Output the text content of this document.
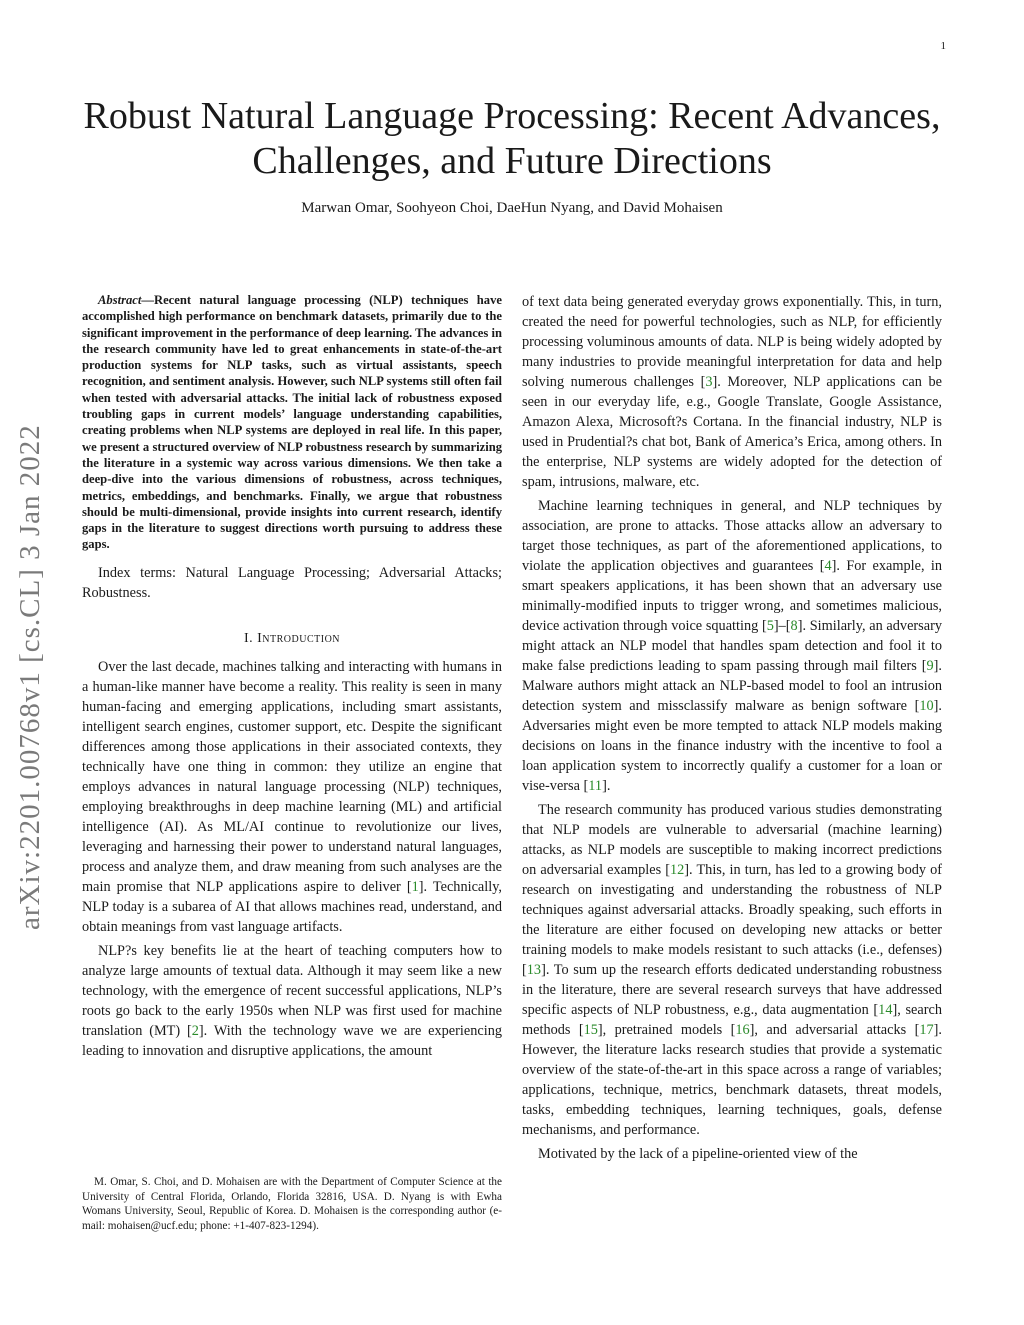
1
arXiv:2201.00768v1 [cs.CL] 3 Jan 2022
Robust Natural Language Processing: Recent Advances, Challenges, and Future Directions
Marwan Omar, Soohyeon Choi, DaeHun Nyang, and David Mohaisen

Abstract—Recent natural language processing (NLP) techniques have accomplished high performance on benchmark datasets, primarily due to the significant improvement in the performance of deep learning. The advances in the research community have led to great enhancements in state-of-the-art production systems for NLP tasks, such as virtual assistants, speech recognition, and sentiment analysis. However, such NLP systems still often fail when tested with adversarial attacks. The initial lack of robustness exposed troubling gaps in current models’ language understanding capabilities, creating problems when NLP systems are deployed in real life. In this paper, we present a structured overview of NLP robustness research by summarizing the literature in a systemic way across various dimensions. We then take a deep-dive into the various dimensions of robustness, across techniques, metrics, embeddings, and benchmarks. Finally, we argue that robustness should be multi-dimensional, provide insights into current research, identify gaps in the literature to suggest directions worth pursuing to address these gaps.

Index terms: Natural Language Processing; Adversarial Attacks; Robustness.

I. Introduction

Over the last decade, machines talking and interacting with humans in a human-like manner have become a reality. This reality is seen in many human-facing and emerging applications, including smart assistants, intelligent search engines, customer support, etc. Despite the significant differences among those applications in their associated contexts, they technically have one thing in common: they utilize an engine that employs advances in natural language processing (NLP) techniques, employing breakthroughs in deep machine learning (ML) and artificial intelligence (AI). As ML/AI continue to revolutionize our lives, leveraging and harnessing their power to understand natural languages, process and analyze them, and draw meaning from such analyses are the main promise that NLP applications aspire to deliver [1]. Technically, NLP today is a subarea of AI that allows machines read, understand, and obtain meanings from vast language artifacts.

NLP?s key benefits lie at the heart of teaching computers how to analyze large amounts of textual data. Although it may seem like a new technology, with the emergence of recent successful applications, NLP’s roots go back to the early 1950s when NLP was first used for machine translation (MT) [2]. With the technology wave we are experiencing leading to innovation and disruptive applications, the amount

M. Omar, S. Choi, and D. Mohaisen are with the Department of Computer Science at the University of Central Florida, Orlando, Florida 32816, USA. D. Nyang is with Ewha Womans University, Seoul, Republic of Korea. D. Mohaisen is the corresponding author (e-mail: mohaisen@ucf.edu; phone: +1-407-823-1294).

of text data being generated everyday grows exponentially. This, in turn, created the need for powerful technologies, such as NLP, for efficiently processing voluminous amounts of data. NLP is being widely adopted by many industries to provide meaningful interpretation for data and help solving numerous challenges [3]. Moreover, NLP applications can be seen in our everyday life, e.g., Google Translate, Google Assistance, Amazon Alexa, Microsoft?s Cortana. In the financial industry, NLP is used in Prudential?s chat bot, Bank of America’s Erica, among others. In the enterprise, NLP systems are widely adopted for the detection of spam, intrusions, malware, etc.

Machine learning techniques in general, and NLP techniques by association, are prone to attacks. Those attacks allow an adversary to target those techniques, as part of the aforementioned applications, to violate the application objectives and guarantees [4]. For example, in smart speakers applications, it has been shown that an adversary use minimally-modified inputs to trigger wrong, and sometimes malicious, device activation through voice squatting [5]–[8]. Similarly, an adversary might attack an NLP model that handles spam detection and fool it to make false predictions leading to spam passing through mail filters [9]. Malware authors might attack an NLP-based model to fool an intrusion detection system and missclassify malware as benign software [10]. Adversaries might even be more tempted to attack NLP models making decisions on loans in the finance industry with the incentive to fool a loan application system to incorrectly qualify a customer for a loan or vise-versa [11].

The research community has produced various studies demonstrating that NLP models are vulnerable to adversarial (machine learning) attacks, as NLP models are susceptible to making incorrect predictions on adversarial examples [12]. This, in turn, has led to a growing body of research on investigating and understanding the robustness of NLP techniques against adversarial attacks. Broadly speaking, such efforts in the literature are either focused on developing new attacks or better training models to make models resistant to such attacks (i.e., defenses) [13]. To sum up the research efforts dedicated understanding robustness in the literature, there are several research surveys that have addressed specific aspects of NLP robustness, e.g., data augmentation [14], search methods [15], pretrained models [16], and adversarial attacks [17]. However, the literature lacks research studies that provide a systematic overview of the state-of-the-art in this space across a range of variables; applications, technique, metrics, benchmark datasets, threat models, tasks, embedding techniques, learning techniques, goals, defense mechanisms, and performance.

Motivated by the lack of a pipeline-oriented view of the
